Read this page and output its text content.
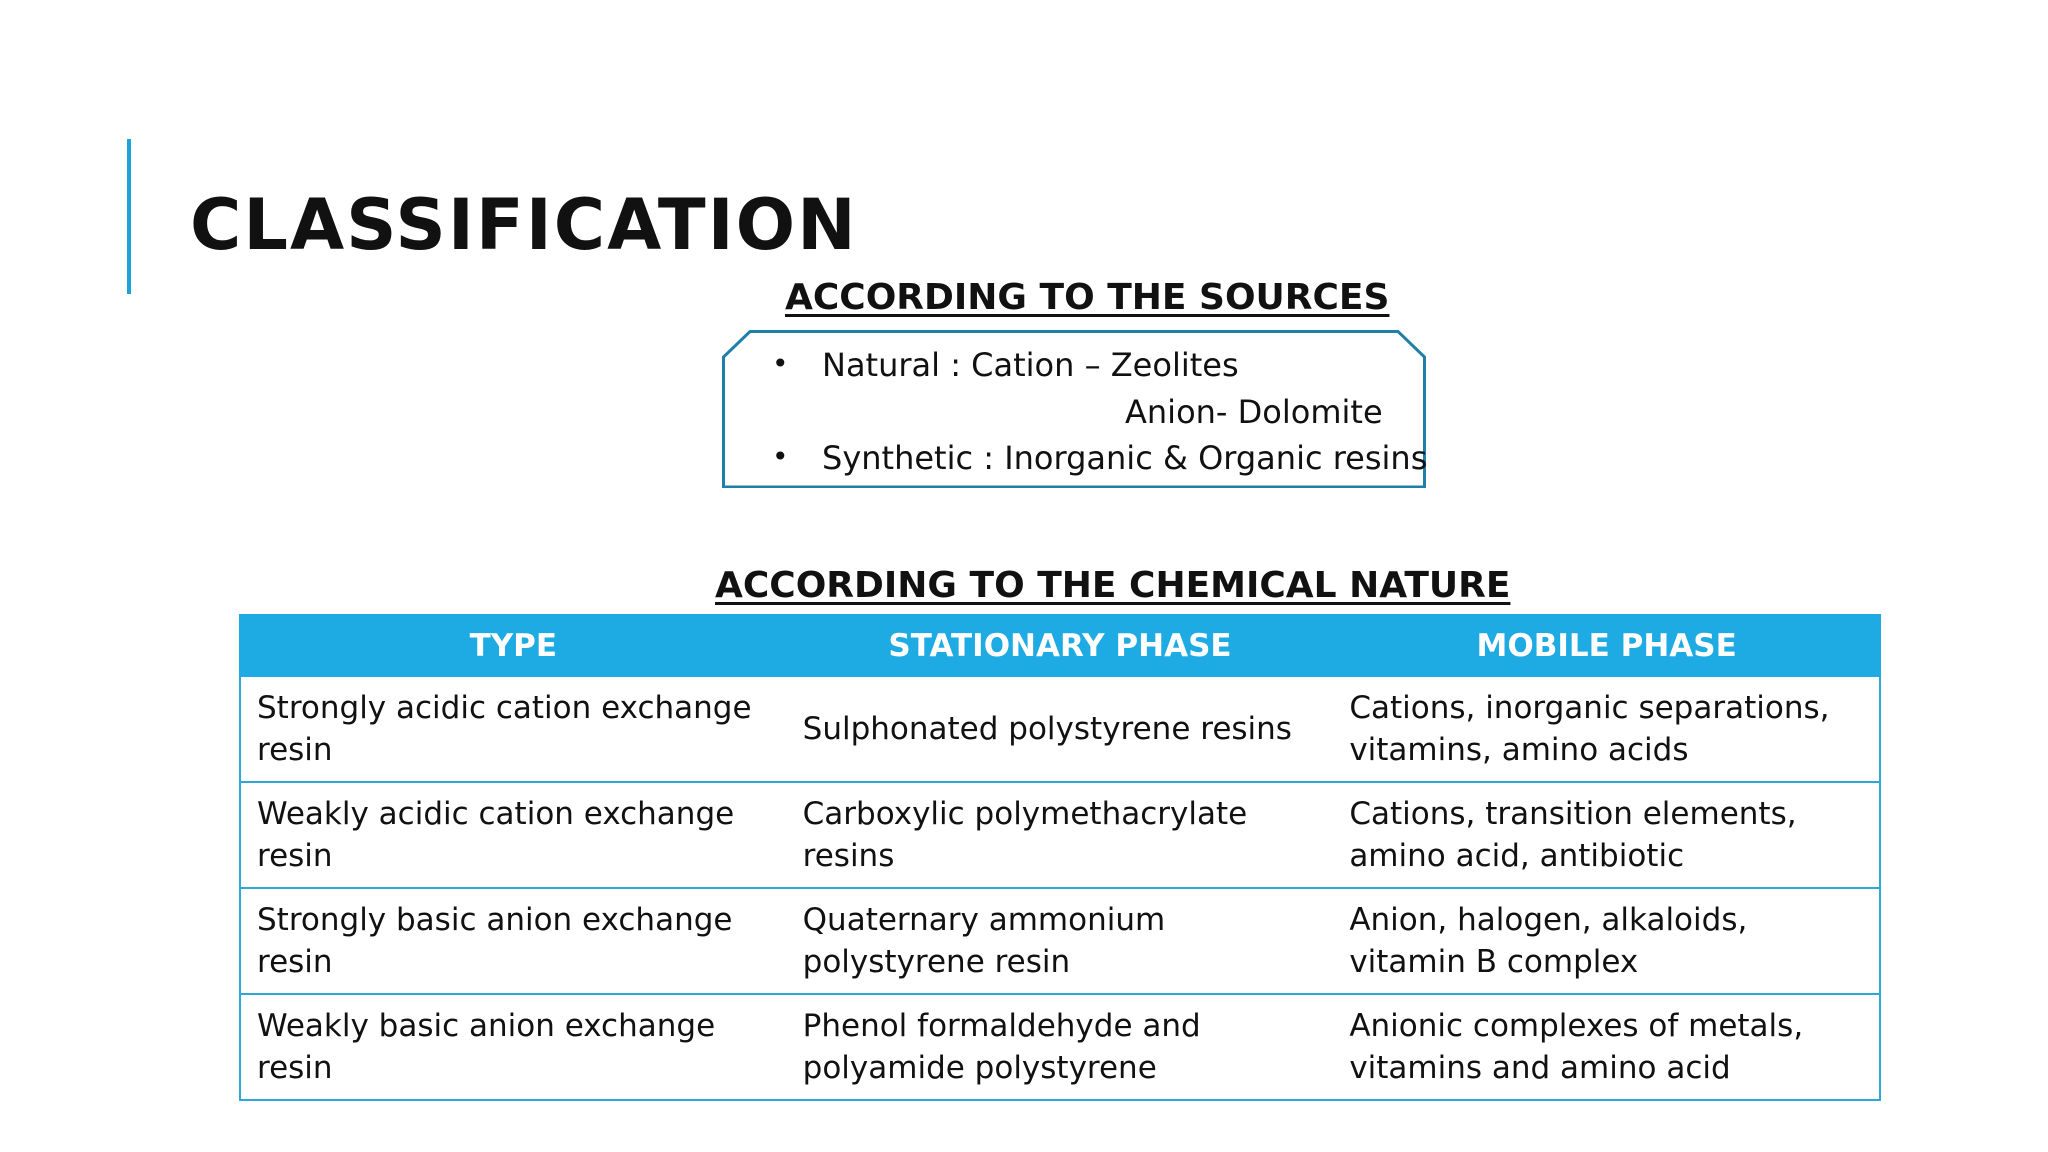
CLASSIFICATION
ACCORDING TO THE SOURCES
• Natural : Cation – Zeolites
Anion- Dolomite
• Synthetic : Inorganic & Organic resins
ACCORDING TO THE CHEMICAL NATURE
TYPE	STATIONARY PHASE	MOBILE PHASE
Strongly acidic cation exchange resin	Sulphonated polystyrene resins	Cations, inorganic separations, vitamins, amino acids
Weakly acidic cation exchange resin	Carboxylic polymethacrylate resins	Cations, transition elements, amino acid, antibiotic
Strongly basic anion exchange resin	Quaternary ammonium polystyrene resin	Anion, halogen, alkaloids, vitamin B complex
Weakly basic anion exchange resin	Phenol formaldehyde and polyamide polystyrene	Anionic complexes of metals, vitamins and amino acid
